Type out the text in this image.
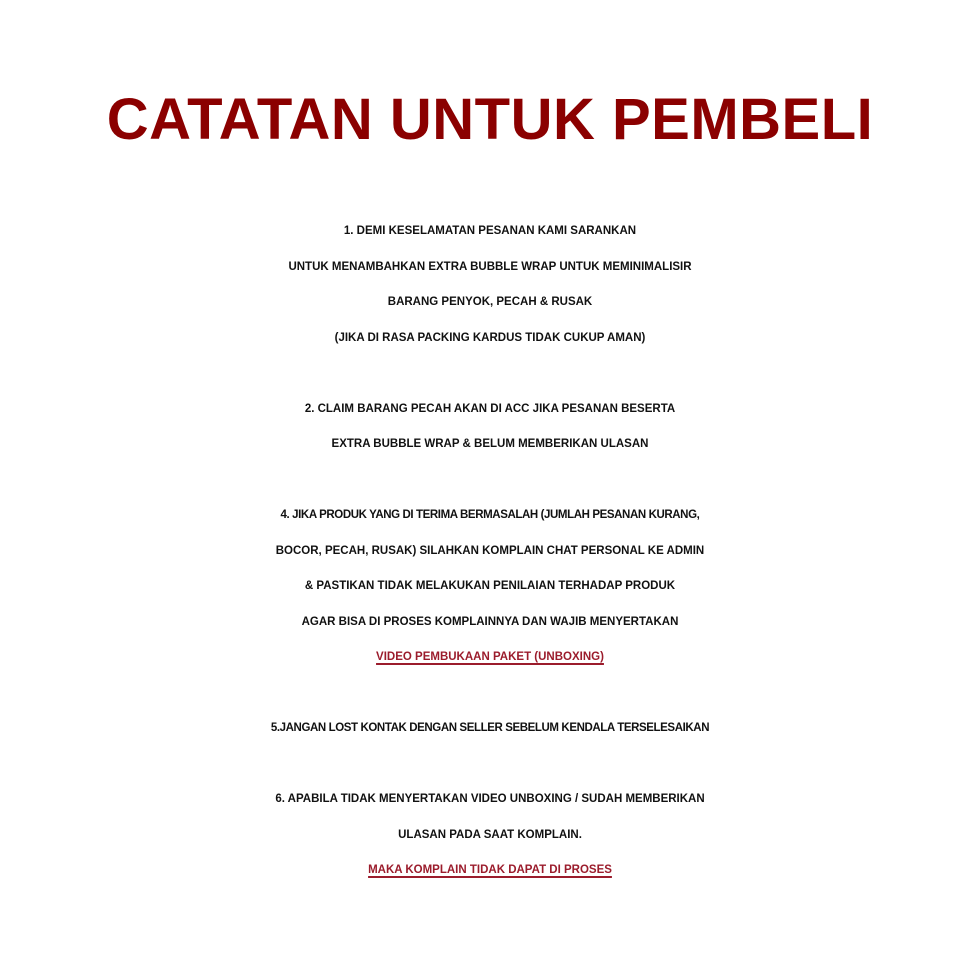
CATATAN UNTUK PEMBELI
1. DEMI KESELAMATAN PESANAN KAMI SARANKAN
UNTUK MENAMBAHKAN EXTRA BUBBLE WRAP UNTUK MEMINIMALISIR
BARANG PENYOK, PECAH & RUSAK
(JIKA DI RASA PACKING KARDUS TIDAK CUKUP AMAN)
2. CLAIM BARANG PECAH AKAN DI ACC JIKA PESANAN BESERTA
EXTRA BUBBLE WRAP & BELUM MEMBERIKAN ULASAN
4. JIKA PRODUK YANG DI TERIMA BERMASALAH (JUMLAH PESANAN KURANG,
BOCOR, PECAH, RUSAK) SILAHKAN KOMPLAIN CHAT PERSONAL KE ADMIN
& PASTIKAN TIDAK MELAKUKAN PENILAIAN TERHADAP PRODUK
AGAR BISA DI PROSES KOMPLAINNYA DAN WAJIB MENYERTAKAN
VIDEO PEMBUKAAN PAKET (UNBOXING)
5.JANGAN LOST KONTAK DENGAN SELLER SEBELUM KENDALA TERSELESAIKAN
6. APABILA TIDAK MENYERTAKAN VIDEO UNBOXING / SUDAH MEMBERIKAN
ULASAN PADA SAAT KOMPLAIN.
MAKA KOMPLAIN TIDAK DAPAT DI PROSES
